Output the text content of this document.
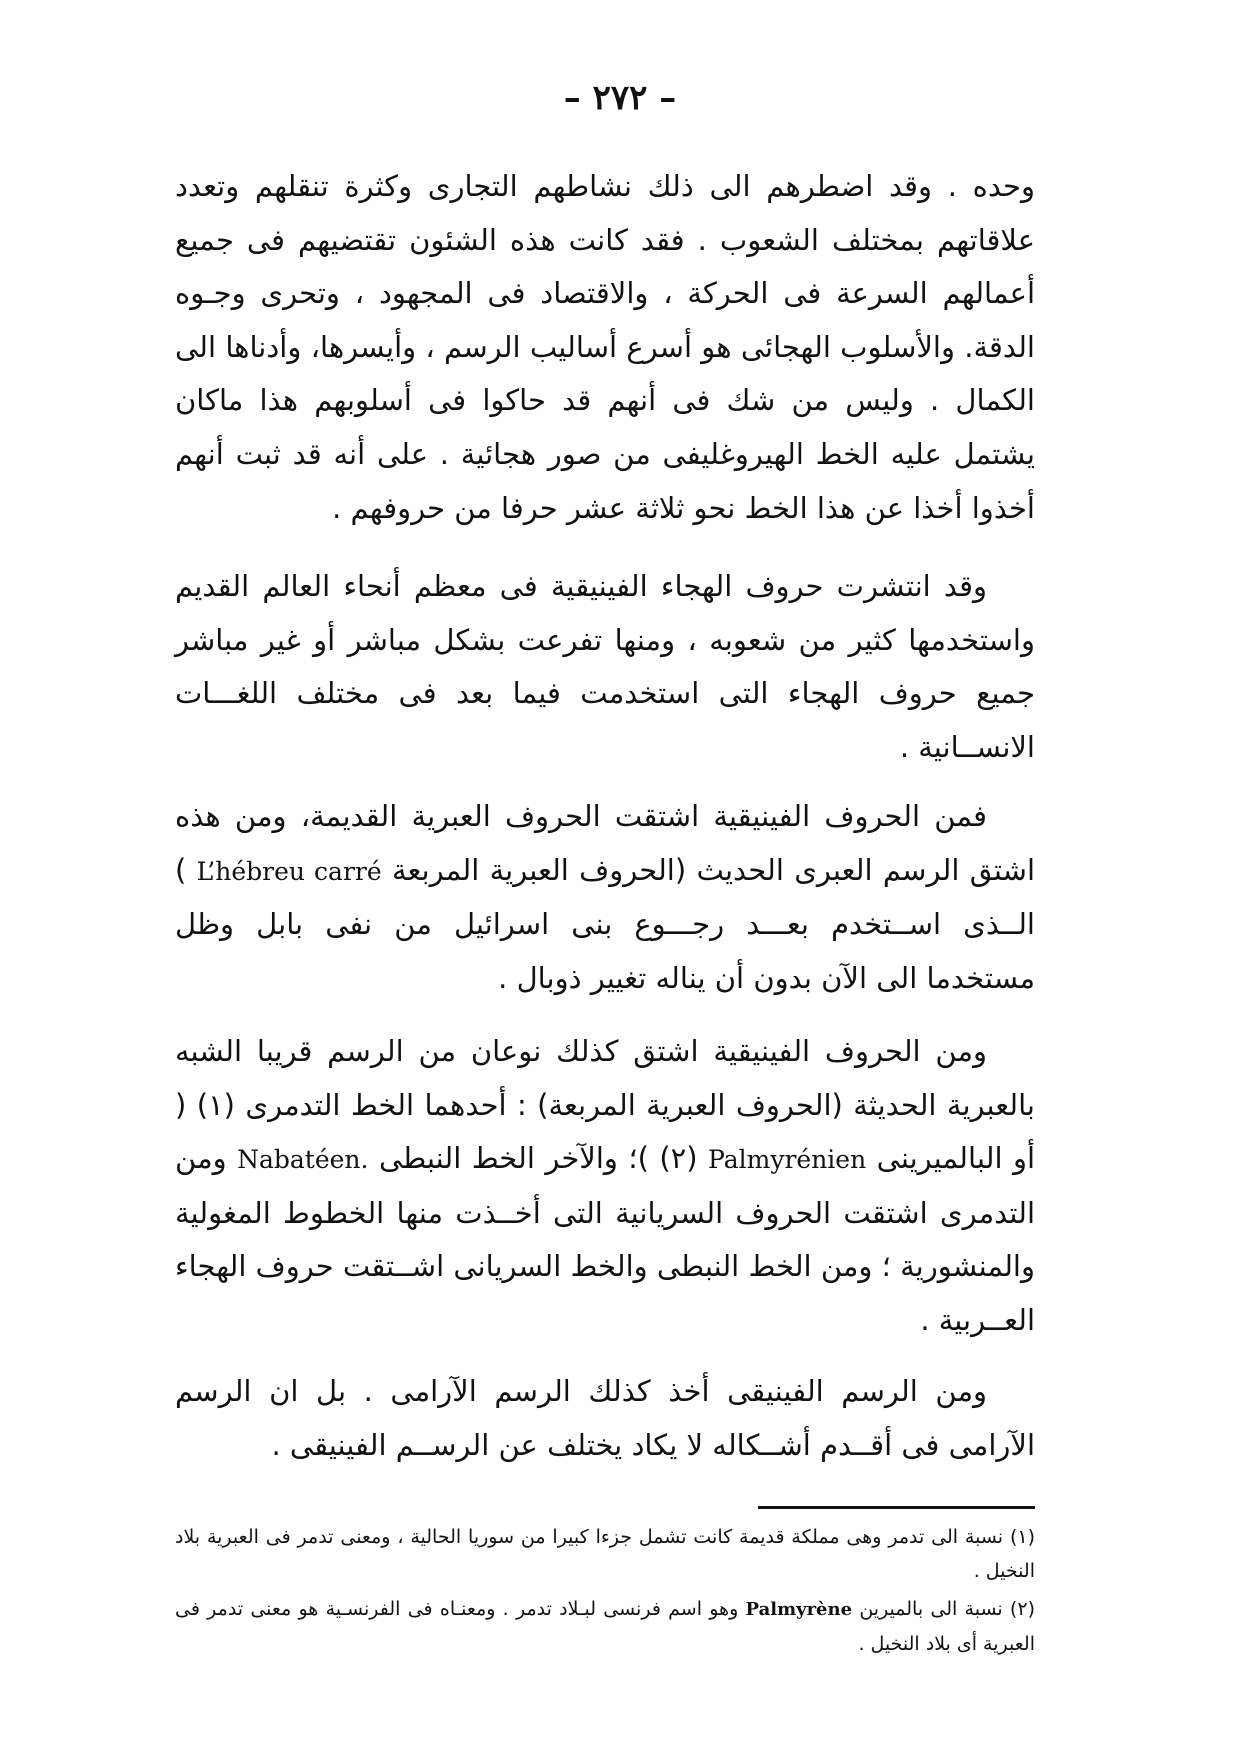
– ٢٧٢ –

وحده . وقد اضطرهم الى ذلك نشاطهم التجارى وكثرة تنقلهم وتعدد علاقاتهم بمختلف الشعوب . فقد كانت هذه الشئون تقتضيهم فى جميع أعمالهم السرعة فى الحركة ، والاقتصاد فى المجهود ، وتحرى وجـوه الدقة. والأسلوب الهجائى هو أسرع أساليب الرسم ، وأيسرها، وأدناها الى الكمال . وليس من شك فى أنهم قد حاكوا فى أسلوبهم هذا ماكان يشتمل عليه الخط الهيروغليفى من صور هجائية . على أنه قد ثبت أنهم أخذوا أخذا عن هذا الخط نحو ثلاثة عشر حرفا من حروفهم .

وقد انتشرت حروف الهجاء الفينيقية فى معظم أنحاء العالم القديم واستخدمها كثير من شعوبه ، ومنها تفرعت بشكل مباشر أو غير مباشر جميع حروف الهجاء التى استخدمت فيما بعد فى مختلف اللغـــات الانســانية .

فمن الحروف الفينيقية اشتقت الحروف العبرية القديمة، ومن هذه اشتق الرسم العبرى الحديث (الحروف العبرية المربعة L’hébreu carré ) الــذى اســتخدم بعـــد رجـــوع بنى اسرائيل من نفى بابل وظل مستخدما الى الآن بدون أن يناله تغيير ذوبال .

ومن الحروف الفينيقية اشتق كذلك نوعان من الرسم قريبا الشبه بالعبرية الحديثة (الحروف العبرية المربعة) : أحدهما الخط التدمرى (١) ( أو البالميرينى Palmyrénien (٢) )؛ والآخر الخط النبطى Nabatéen. ومن التدمرى اشتقت الحروف السريانية التى أخــذت منها الخطوط المغولية والمنشورية ؛ ومن الخط النبطى والخط السريانى اشــتقت حروف الهجاء العــربية .

ومن الرسم الفينيقى أخذ كذلك الرسم الآرامى . بل ان الرسم الآرامى فى أقــدم أشــكاله لا يكاد يختلف عن الرســم الفينيقى .

(١) نسبة الى تدمر وهى مملكة قديمة كانت تشمل جزءا كبيرا من سوريا الحالية ، ومعنى تدمر فى العبرية بلاد النخيل .

(٢) نسبة الى بالميرين Palmyrène وهو اسم فرنسى لبـلاد تدمر . ومعنـاه فى الفرنسـية هو معنى تدمر فى العبرية أى بلاد النخيل .
